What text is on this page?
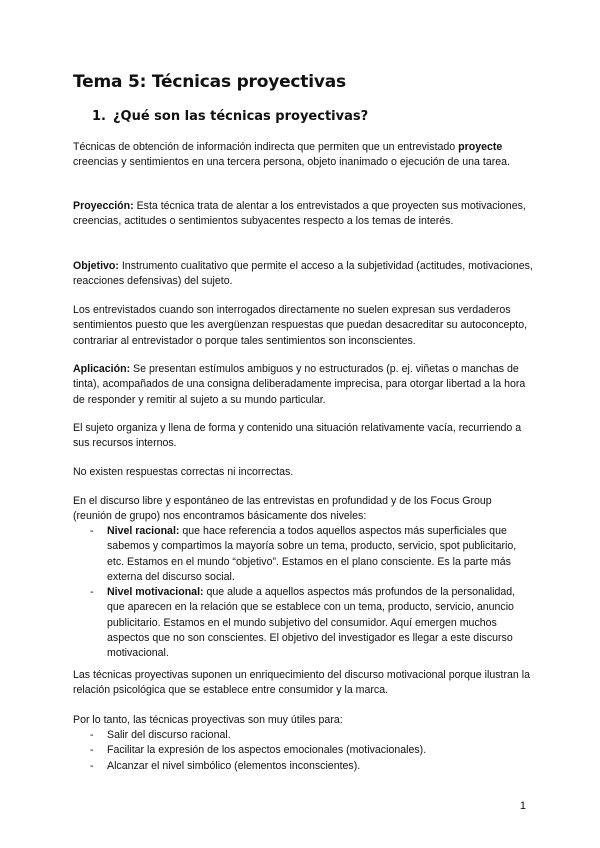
Tema 5: Técnicas proyectivas
1. ¿Qué son las técnicas proyectivas?

Técnicas de obtención de información indirecta que permiten que un entrevistado proyecte creencias y sentimientos en una tercera persona, objeto inanimado o ejecución de una tarea.

Proyección: Esta técnica trata de alentar a los entrevistados a que proyecten sus motivaciones, creencias, actitudes o sentimientos subyacentes respecto a los temas de interés.

Objetivo: Instrumento cualitativo que permite el acceso a la subjetividad (actitudes, motivaciones, reacciones defensivas) del sujeto.

Los entrevistados cuando son interrogados directamente no suelen expresan sus verdaderos sentimientos puesto que les avergüenzan respuestas que puedan desacreditar su autoconcepto, contrariar al entrevistador o porque tales sentimientos son inconscientes.

Aplicación: Se presentan estímulos ambiguos y no estructurados (p. ej. viñetas o manchas de tinta), acompañados de una consigna deliberadamente imprecisa, para otorgar libertad a la hora de responder y remitir al sujeto a su mundo particular.

El sujeto organiza y llena de forma y contenido una situación relativamente vacía, recurriendo a sus recursos internos.

No existen respuestas correctas ni incorrectas.

En el discurso libre y espontáneo de las entrevistas en profundidad y de los Focus Group (reunión de grupo) nos encontramos básicamente dos niveles:

- Nivel racional: que hace referencia a todos aquellos aspectos más superficiales que sabemos y compartimos la mayoría sobre un tema, producto, servicio, spot publicitario, etc. Estamos en el mundo “objetivo”. Estamos en el plano consciente. Es la parte más externa del discurso social.
- Nivel motivacional: que alude a aquellos aspectos más profundos de la personalidad, que aparecen en la relación que se establece con un tema, producto, servicio, anuncio publicitario. Estamos en el mundo subjetivo del consumidor. Aquí emergen muchos aspectos que no son conscientes. El objetivo del investigador es llegar a este discurso motivacional.

Las técnicas proyectivas suponen un enriquecimiento del discurso motivacional porque ilustran la relación psicológica que se establece entre consumidor y la marca.

Por lo tanto, las técnicas proyectivas son muy útiles para:

- Salir del discurso racional.
- Facilitar la expresión de los aspectos emocionales (motivacionales).
- Alcanzar el nivel simbólico (elementos inconscientes).
1
